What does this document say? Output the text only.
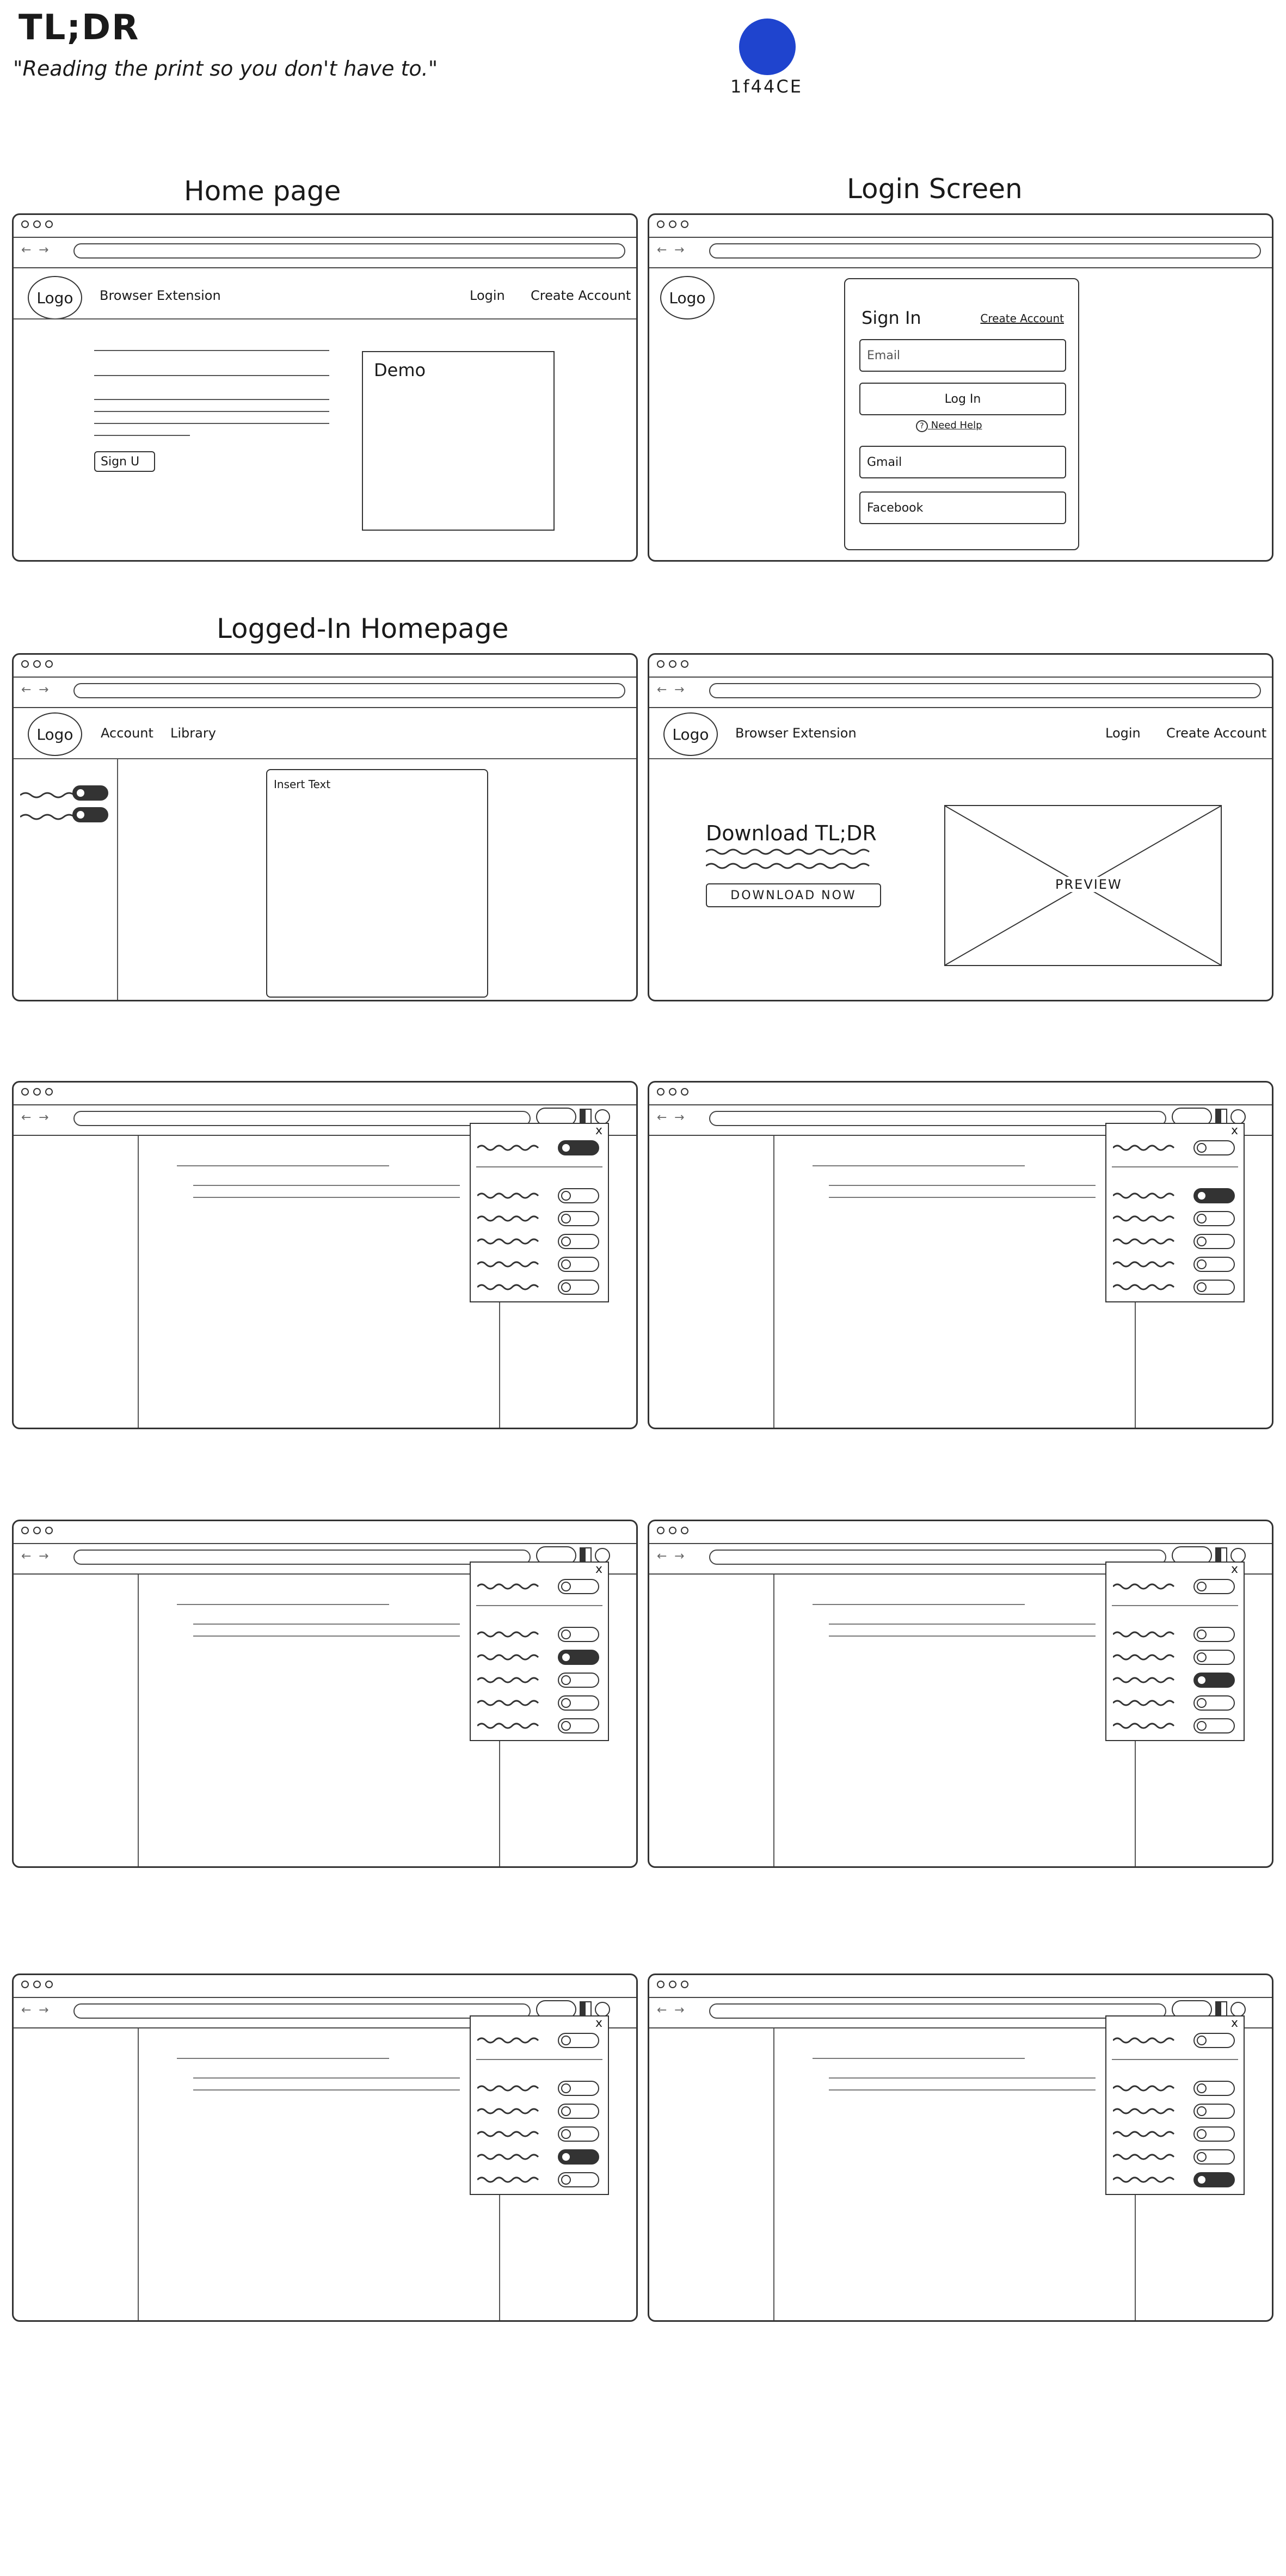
TL;DR
"Reading the print so you don't have to."
1f44CE
Home page	Login Screen
Logged-In Homepage
← →
Logo	Browser Extension	Login Create Account
Sign U
Demo
← →
Logo
Sign In	Create Account
Email
Log In
? Need Help
Gmail
Facebook
← →
Logo	Account Library
Insert Text
← →
Logo	Browser Extension	Login Create Account
Download TL;DR
DOWNLOAD NOW
PREVIEW
← →
x
← →
x
← →
x
← →
x
← →
x
← →
x
